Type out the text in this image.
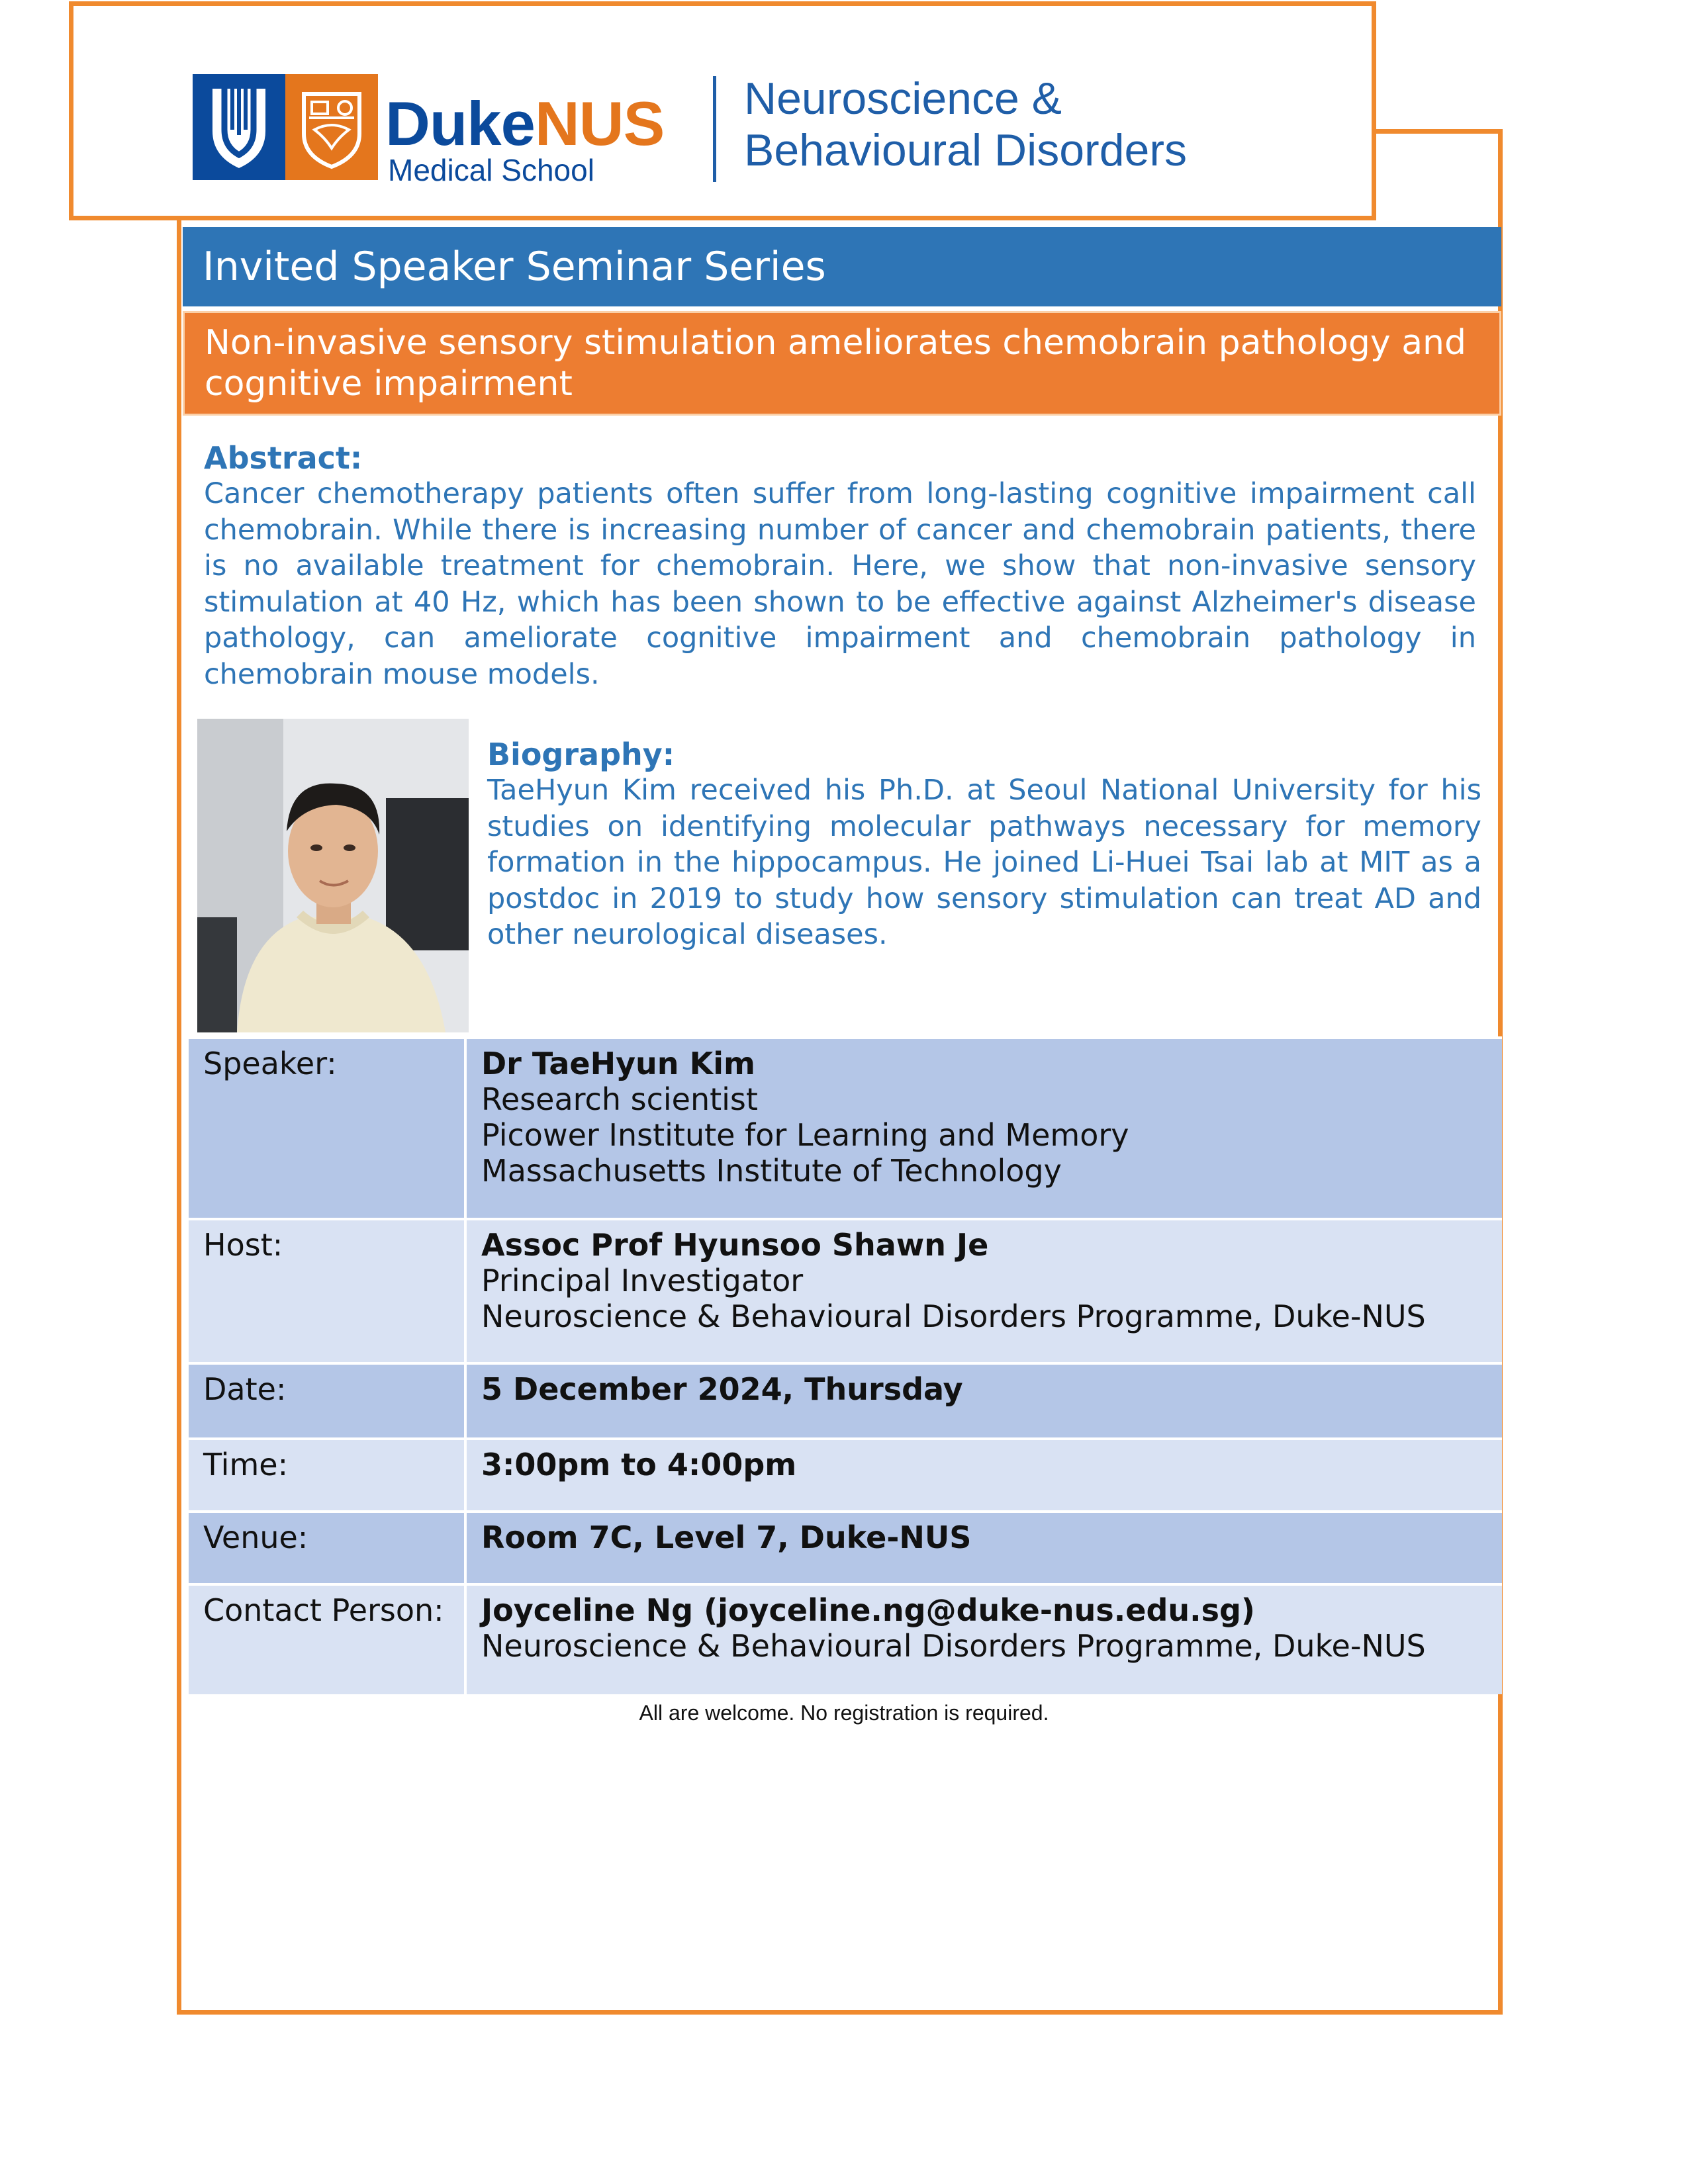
DukeNUS
Medical School
Neuroscience &
Behavioural Disorders
Invited Speaker Seminar Series
Non-invasive sensory stimulation ameliorates chemobrain pathology and cognitive impairment
Abstract:
Cancer chemotherapy patients often suffer from long-lasting cognitive impairment call chemobrain. While there is increasing number of cancer and chemobrain patients, there is no available treatment for chemobrain. Here, we show that non-invasive sensory stimulation at 40 Hz, which has been shown to be effective against Alzheimer's disease pathology, can ameliorate cognitive impairment and chemobrain pathology in chemobrain mouse models.
Biography:
TaeHyun Kim received his Ph.D. at Seoul National University for his studies on identifying molecular pathways necessary for memory formation in the hippocampus. He joined Li-Huei Tsai lab at MIT as a postdoc in 2019 to study how sensory stimulation can treat AD and other neurological diseases.
Speaker:	Dr TaeHyun Kim
Research scientist
Picower Institute for Learning and Memory
Massachusetts Institute of Technology
Host:	Assoc Prof Hyunsoo Shawn Je
Principal Investigator
Neuroscience & Behavioural Disorders Programme, Duke-NUS
Date:	5 December 2024, Thursday
Time:	3:00pm to 4:00pm
Venue:	Room 7C, Level 7, Duke-NUS
Contact Person:	Joyceline Ng (joyceline.ng@duke-nus.edu.sg)
Neuroscience & Behavioural Disorders Programme, Duke-NUS
All are welcome. No registration is required.
